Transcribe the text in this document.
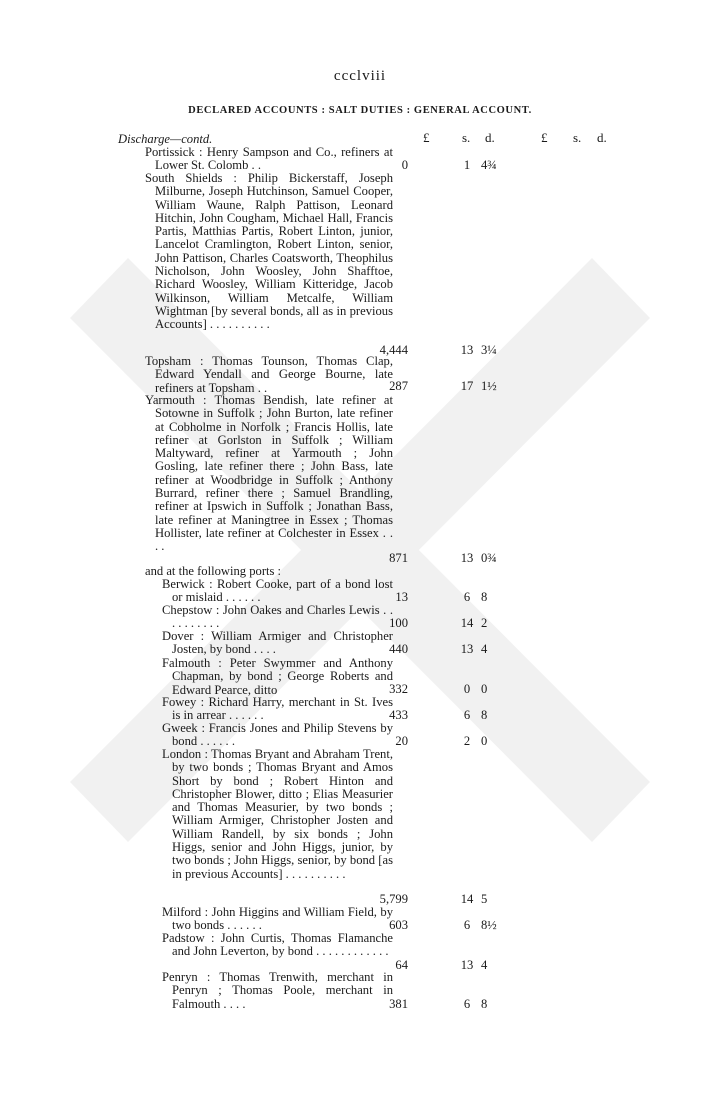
ccclviii
DECLARED ACCOUNTS : SALT DUTIES : GENERAL ACCOUNT.
£	s. d.	£ s. d.
Discharge—contd.
Portissick : Henry Sampson and Co., refiners at Lower St. Colomb . .	0	1 4¾
South Shields : Philip Bickerstaff, Joseph Milburne, Joseph Hutchinson, Samuel Cooper, William Waune, Ralph Pattison, Leonard Hitchin, John Cougham, Michael Hall, Francis Partis, Matthias Partis, Robert Linton, junior, Lancelot Cramlington, Robert Linton, senior, John Pattison, Charles Coatsworth, Theophilus Nicholson, John Woosley, John Shafftoe, Richard Woosley, William Kitteridge, Jacob Wilkinson, William Metcalfe, William Wightman [by several bonds, all as in previous Accounts] . . . . . . . . . .
4,444	13 3¼
Topsham : Thomas Tounson, Thomas Clap, Edward Yendall and George Bourne, late refiners at Topsham . .	287	17 1½
Yarmouth : Thomas Bendish, late refiner at Sotowne in Suffolk ; John Burton, late refiner at Cobholme in Norfolk ; Francis Hollis, late refiner at Gorlston in Suffolk ; William Maltyward, refiner at Yarmouth ; John Gosling, late refiner there ; John Bass, late refiner at Woodbridge in Suffolk ; Anthony Burrard, refiner there ; Samuel Brandling, refiner at Ipswich in Suffolk ; Jonathan Bass, late refiner at Maningtree in Essex ; Thomas Hollister, late refiner at Colchester in Essex . . . .
871	13 0¾
and at the following ports :
Berwick : Robert Cooke, part of a bond lost or mislaid . . . . . .	13	6 8
Chepstow : John Oakes and Charles Lewis . . . . . . . . . .	100	14 2
Dover : William Armiger and Christopher Josten, by bond . . . .	440	13 4
Falmouth : Peter Swymmer and Anthony Chapman, by bond ; George Roberts and Edward Pearce, ditto	332	0 0
Fowey : Richard Harry, merchant in St. Ives is in arrear . . . . . .	433	6 8
Gweek : Francis Jones and Philip Stevens by bond . . . . . .	20	2 0
London : Thomas Bryant and Abraham Trent, by two bonds ; Thomas Bryant and Amos Short by bond ; Robert Hinton and Christopher Blower, ditto ; Elias Measurier and Thomas Measurier, by two bonds ; William Armiger, Christopher Josten and William Randell, by six bonds ; John Higgs, senior and John Higgs, junior, by two bonds ; John Higgs, senior, by bond [as in previous Accounts] . . . . . . . . . .
5,799	14 5
Milford : John Higgins and William Field, by two bonds . . . . . .	603	6 8½
Padstow : John Curtis, Thomas Flamanche and John Leverton, by bond . . . . . . . . . . . .
64	13 4
Penryn : Thomas Trenwith, merchant in Penryn ; Thomas Poole, merchant in Falmouth . . . .	381	6 8
